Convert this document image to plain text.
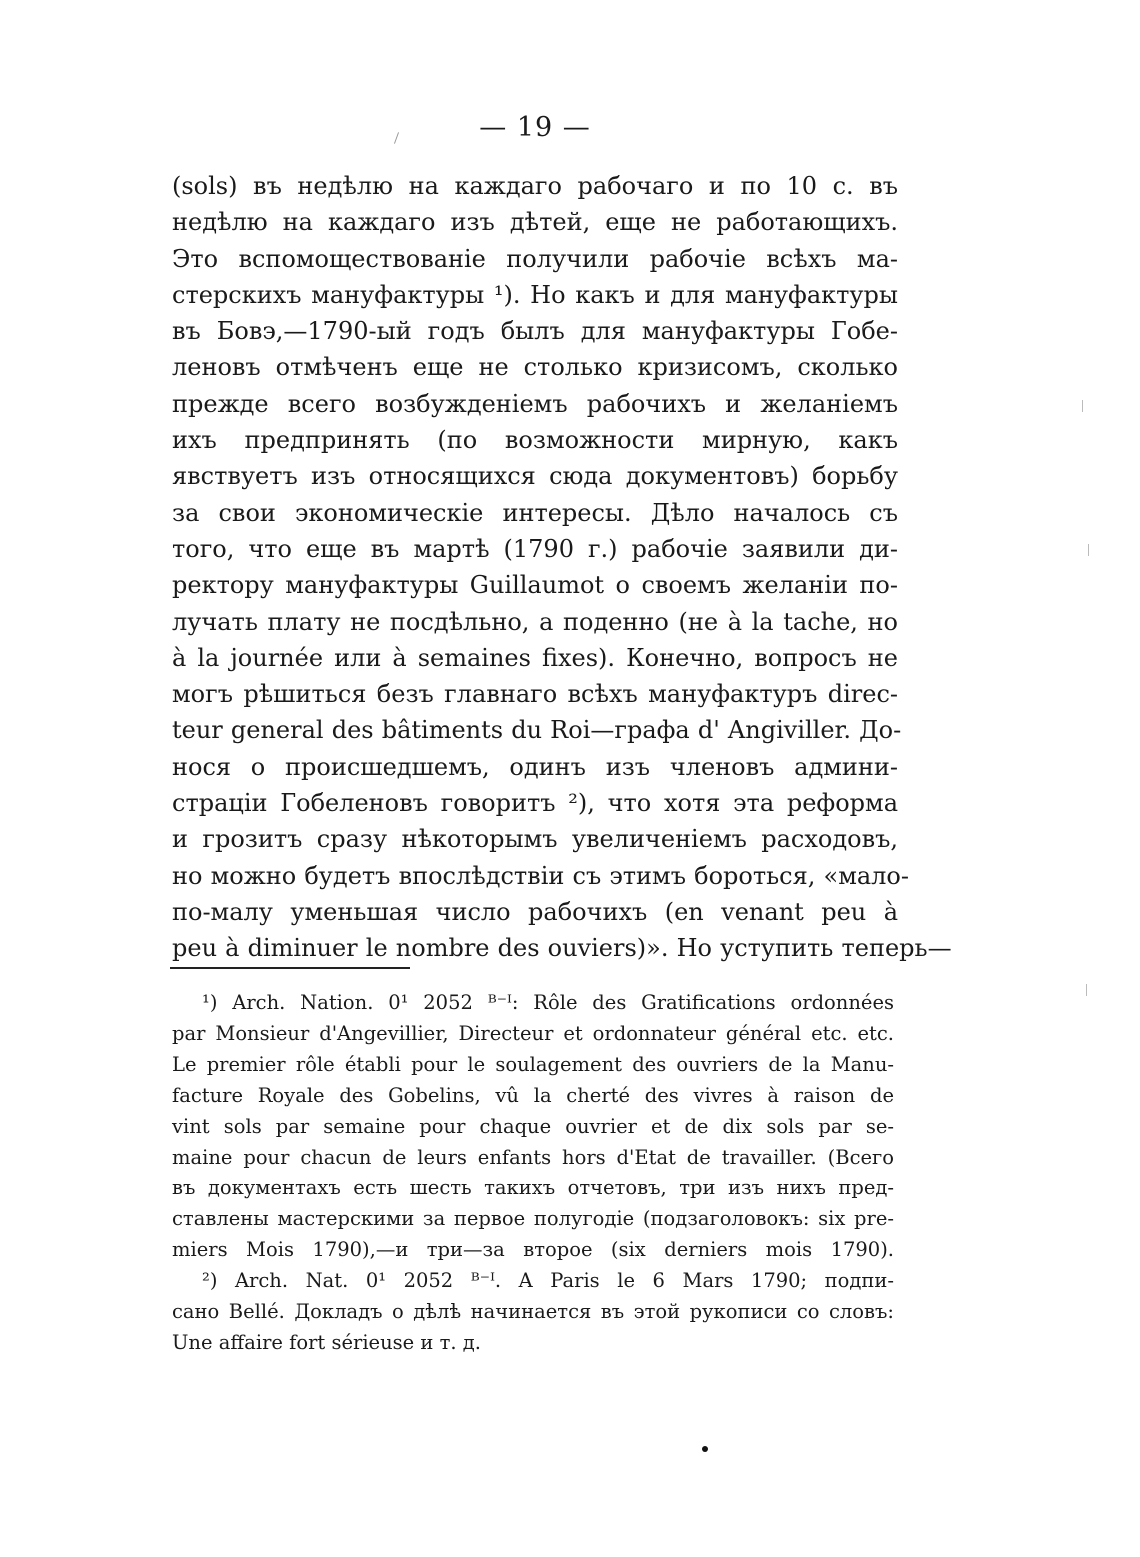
— 19 —
(sols) въ недѣлю на каждаго рабочаго и по 10 с. въ
недѣлю на каждаго изъ дѣтей, еще не работающихъ.
Это вспомоществованіе получили рабочіе всѣхъ ма-
стерскихъ мануфактуры ¹). Но какъ и для мануфактуры
въ Бовэ,—1790-ый годъ былъ для мануфактуры Гобе-
леновъ отмѣченъ еще не столько кризисомъ, сколько
прежде всего возбужденіемъ рабочихъ и желаніемъ
ихъ предпринять (по возможности мирную, какъ
явствуетъ изъ относящихся сюда документовъ) борьбу
за свои экономическіе интересы. Дѣло началось съ
того, что еще въ мартѣ (1790 г.) рабочіе заявили ди-
ректору мануфактуры Guillaumot о своемъ желаніи по-
лучать плату не посдѣльно, а поденно (не à la tache, но
à la journée или à semaines fixes). Конечно, вопросъ не
могъ рѣшиться безъ главнаго всѣхъ мануфактуръ direc-
teur general des bâtiments du Roi—графа d' Angiviller. До-
нося о происшедшемъ, одинъ изъ членовъ админи-
страціи Гобеленовъ говоритъ ²), что хотя эта реформа
и грозитъ сразу нѣкоторымъ увеличеніемъ расходовъ,
но можно будетъ впослѣдствіи съ этимъ бороться, «мало-
по-малу уменьшая число рабочихъ (en venant peu à
peu à diminuer le nombre des ouviers)». Но уступить теперь—
¹) Arch. Nation. 0¹ 2052 ᴮ⁻ᴵ: Rôle des Gratifications ordonnées
par Monsieur d'Angevillier, Directeur et ordonnateur général etc. etc.
Le premier rôle établi pour le soulagement des ouvriers de la Manu-
facture Royale des Gobelins, vû la cherté des vivres à raison de
vint sols par semaine pour chaque ouvrier et de dix sols par se-
maine pour chacun de leurs enfants hors d'Etat de travailler. (Всего
въ документахъ есть шесть такихъ отчетовъ, три изъ нихъ пред-
ставлены мастерскими за первое полугодіе (подзаголовокъ: six pre-
miers Mois 1790),—и три—за второе (six derniers mois 1790).
²) Arch. Nat. 0¹ 2052 ᴮ⁻ᴵ. A Paris le 6 Mars 1790; подпи-
сано Bellé. Докладъ о дѣлѣ начинается въ этой рукописи со словъ:
Une affaire fort sérieuse и т. д.
